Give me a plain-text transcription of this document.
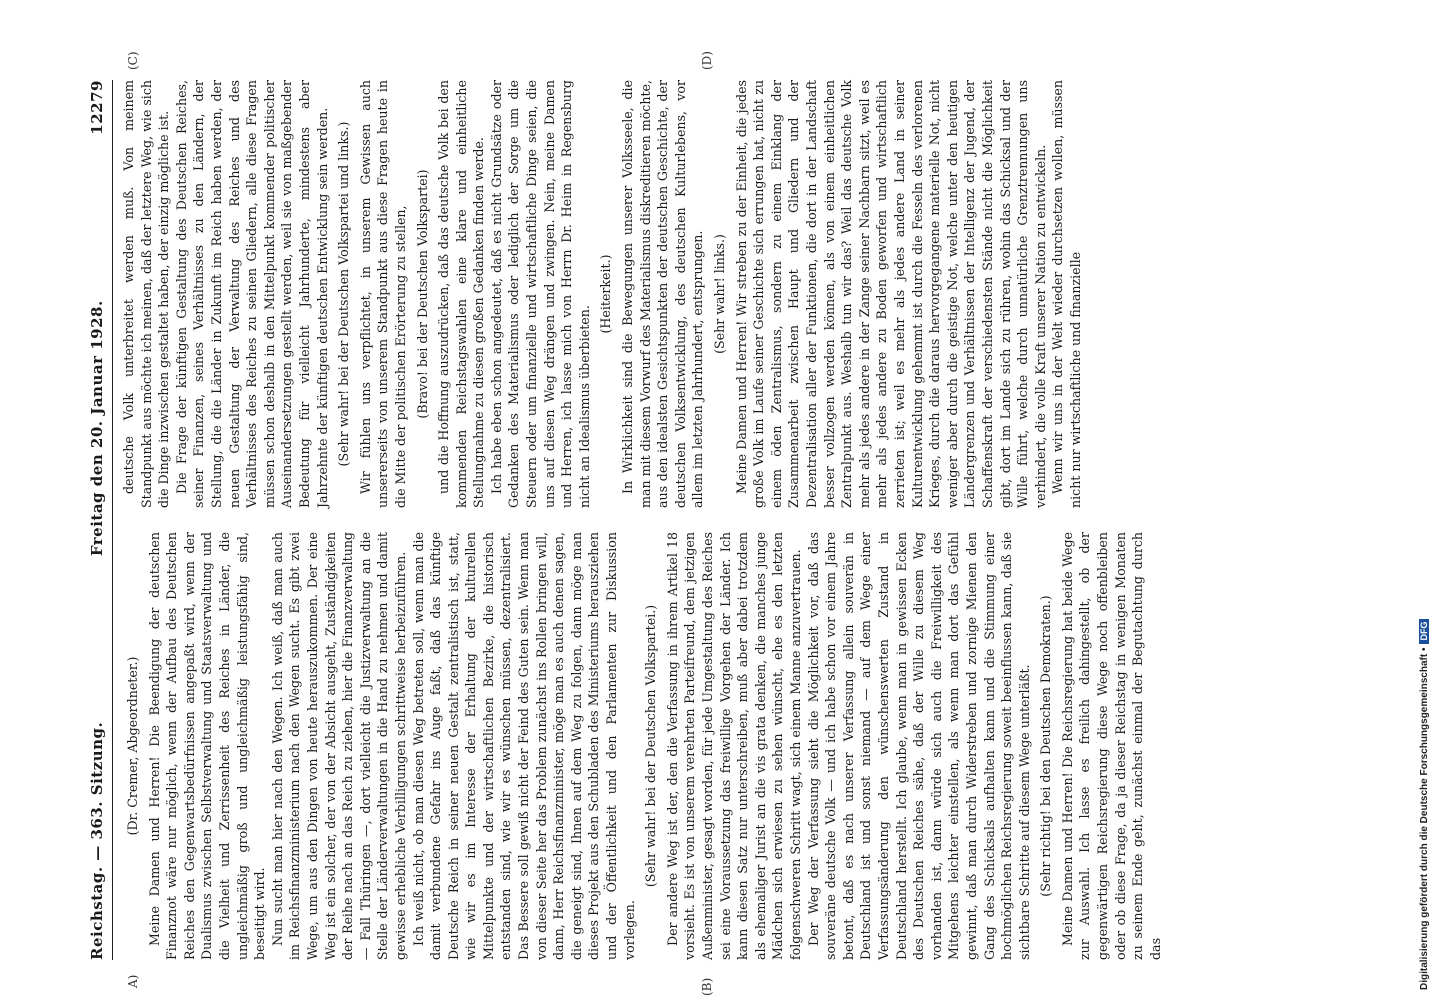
Reichstag. — 363. Sitzung.
Freitag den 20. Januar 1928.
12279
A)	(B)
(C)	(D)

(Dr. Cremer, Abgeordneter.) Meine Damen und Herren! Die Beendigung der deutschen Finanznot wäre nur möglich, wenn der Aufbau des Deutschen Reiches den Gegenwartsbedürfnissen angepaßt wird, wenn der Dualismus zwischen Selbstverwaltung und Staatsverwaltung und die Vielheit und Zerrissenheit des Reiches in Länder, die ungleichmäßig groß und ungleichmäßig leistungsfähig sind, beseitigt wird. Nun sucht man hier nach den Wegen. Ich weiß, daß man auch im Reichsfinanzministerium nach den Wegen sucht. Es gibt zwei Wege, um aus den Dingen von heute herauszukommen. Der eine Weg ist ein solcher, der von der Absicht ausgeht, Zuständigkeiten der Reihe nach an das Reich zu ziehen, hier die Finanzverwaltung — Fall Thüringen —, dort vielleicht die Justizverwaltung an die Stelle der Länderverwaltungen in die Hand zu nehmen und damit gewisse erhebliche Verbilligungen schrittweise herbeizuführen. Ich weiß nicht, ob man diesen Weg betreten soll, wenn man die damit verbundene Gefahr ins Auge faßt, daß das künftige Deutsche Reich in seiner neuen Gestalt zentralistisch ist, statt, wie wir es im Interesse der Erhaltung der kulturellen Mittelpunkte und der wirtschaftlichen Bezirke, die historisch entstanden sind, wie wir es wünschen müssen, dezentralisiert. Das Bessere soll gewiß nicht der Feind des Guten sein. Wenn man von dieser Seite her das Problem zunächst ins Rollen bringen will, dann, Herr Reichsfinanzminister, möge man es auch denen sagen, die geneigt sind, Ihnen auf dem Weg zu folgen, dann möge man dieses Projekt aus den Schubladen des Ministeriums herausziehen und der Öffentlichkeit und den Parlamenten zur Diskussion vorlegen.

(Sehr wahr! bei der Deutschen Volkspartei.) Der andere Weg ist der, den die Verfassung in ihrem Artikel 18 vorsieht. Es ist von unserem verehrten Parteifreund, dem jetzigen Außenminister, gesagt worden, für jede Umgestaltung des Reiches sei eine Voraussetzung das freiwillige Vorgehen der Länder. Ich kann diesen Satz nur unterschreiben, muß aber dabei trotzdem als ehemaliger Jurist an die vis grata denken, die manches junge Mädchen sich erwiesen zu sehen wünscht, ehe es den letzten folgenschweren Schritt wagt, sich einem Manne anzuvertrauen. Der Weg der Verfassung sieht die Möglichkeit vor, daß das souveräne deutsche Volk — und ich habe schon vor einem Jahre betont, daß es nach unserer Verfassung allein souverän in Deutschland ist und sonst niemand — auf dem Wege einer Verfassungsänderung den wünschenswerten Zustand in Deutschland herstellt. Ich glaube, wenn man in gewissen Ecken des Deutschen Reiches sähe, daß der Wille zu diesem Weg vorhanden ist, dann würde sich auch die Freiwilligkeit des Mitgehens leichter einstellen, als wenn man dort das Gefühl gewinnt, daß man durch Widerstreben und zornige Mienen den Gang des Schicksals aufhalten kann und die Stimmung einer hochmöglichen Reichsregierung soweit beeinflussen kann, daß sie sichtbare Schritte auf diesem Wege unterläßt. (Sehr richtig! bei den Deutschen Demokraten.) Meine Damen und Herren! Die Reichsregierung hat beide Wege zur Auswahl. Ich lasse es freilich dahingestellt, ob der gegenwärtigen Reichsregierung diese Wege noch offenbleiben oder ob diese Frage, da ja dieser Reichstag in wenigen Monaten zu seinem Ende geht, zunächst einmal der Begutachtung durch das

deutsche Volk unterbreitet werden muß. Von meinem Standpunkt aus möchte ich meinen, daß der letztere Weg, wie sich die Dinge inzwischen gestaltet haben, der einzig mögliche ist. Die Frage der künftigen Gestaltung des Deutschen Reiches, seiner Finanzen, seines Verhältnisses zu den Ländern, der Stellung, die die Länder in Zukunft im Reich haben werden, der neuen Gestaltung der Verwaltung des Reiches und des Verhältnisses des Reiches zu seinen Gliedern, alle diese Fragen müssen schon deshalb in den Mittelpunkt kommender politischer Auseinandersetzungen gestellt werden, weil sie von maßgebender Bedeutung für vielleicht Jahrhunderte, mindestens aber Jahrzehnte der künftigen deutschen Entwicklung sein werden. (Sehr wahr! bei der Deutschen Volkspartei und links.) Wir fühlen uns verpflichtet, in unserem Gewissen auch unsererseits von unserem Standpunkt aus diese Fragen heute in die Mitte der politischen Erörterung zu stellen, (Bravo! bei der Deutschen Volkspartei) und die Hoffnung auszudrücken, daß das deutsche Volk bei den kommenden Reichstagswahlen eine klare und einheitliche Stellungnahme zu diesen großen Gedanken finden werde. Ich habe eben schon angedeutet, daß es nicht Grundsätze oder Gedanken des Materialismus oder lediglich der Sorge um die Steuern oder um finanzielle und wirtschaftliche Dinge seien, die uns auf diesen Weg drängen und zwingen. Nein, meine Damen und Herren, ich lasse mich von Herrn Dr. Heim in Regensburg nicht an Idealismus überbieten.

(Heiterkeit.) In Wirklichkeit sind die Bewegungen unserer Volksseele, die man mit diesem Vorwurf des Materialismus diskreditieren möchte, aus den idealsten Gesichtspunkten der deutschen Geschichte, der deutschen Volksentwicklung, des deutschen Kulturlebens, vor allem im letzten Jahrhundert, entsprungen. (Sehr wahr! links.) Meine Damen und Herren! Wir streben zu der Einheit, die jedes große Volk im Laufe seiner Geschichte sich errungen hat, nicht zu einem öden Zentralismus, sondern zu einem Einklang der Zusammenarbeit zwischen Haupt und Gliedern und der Dezentralisation aller der Funktionen, die dort in der Landschaft besser vollzogen werden können, als von einem einheitlichen Zentralpunkt aus. Weshalb tun wir das? Weil das deutsche Volk mehr als jedes andere in der Zange seiner Nachbarn sitzt, weil es mehr als jedes andere zu Boden geworfen und wirtschaftlich zerrieten ist; weil es mehr als jedes andere Land in seiner Kulturentwicklung gehemmt ist durch die Fesseln des verlorenen Krieges, durch die daraus hervorgegangene materielle Not, nicht weniger aber durch die geistige Not, welche unter den heutigen Ländergrenzen und Verhältnissen der Intelligenz der Jugend, der Schaffenskraft der verschiedensten Stände nicht die Möglichkeit gibt, dort im Lande sich zu rühren, wohin das Schicksal und der Wille führt, welche durch unnatürliche Grenztrennungen uns verhindert, die volle Kraft unserer Nation zu entwickeln. Wenn wir uns in der Welt wieder durchsetzen wollen, müssen nicht nur wirtschaftliche und finanzielle

Digitalisierung gefördert durch die Deutsche Forschungsgemeinschaft •
DFG
